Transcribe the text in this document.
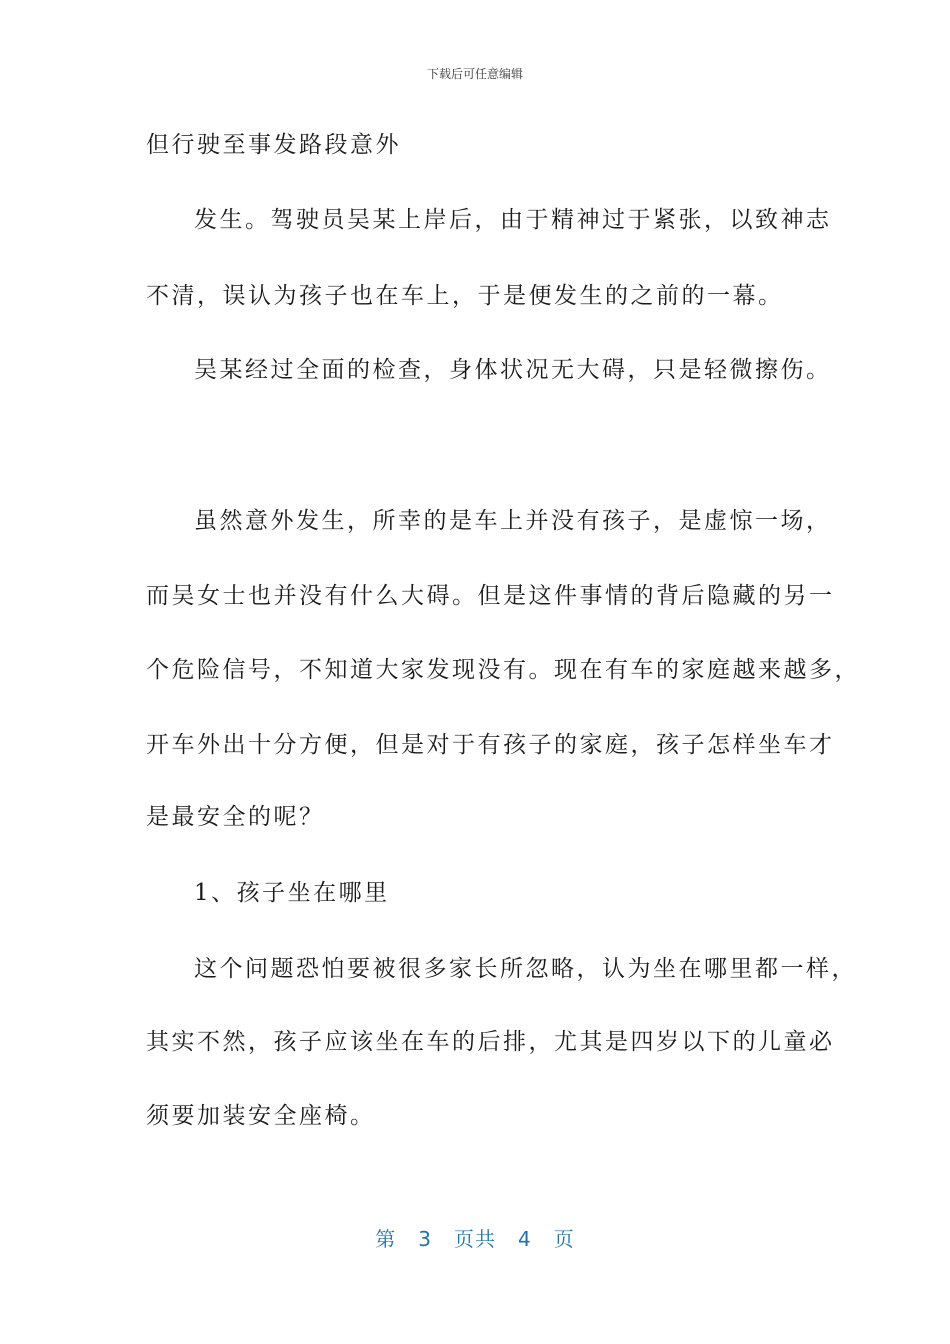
下载后可任意编辑
但行驶至事发路段意外
发生。驾驶员吴某上岸后，由于精神过于紧张，以致神志
不清，误认为孩子也在车上，于是便发生的之前的一幕。
吴某经过全面的检查，身体状况无大碍，只是轻微擦伤。
虽然意外发生，所幸的是车上并没有孩子，是虚惊一场，
而吴女士也并没有什么大碍。但是这件事情的背后隐藏的另一
个危险信号，不知道大家发现没有。现在有车的家庭越来越多，
开车外出十分方便，但是对于有孩子的家庭，孩子怎样坐车才
是最安全的呢？
1、孩子坐在哪里
这个问题恐怕要被很多家长所忽略，认为坐在哪里都一样，
其实不然，孩子应该坐在车的后排，尤其是四岁以下的儿童必
须要加装安全座椅。
第 3 页共 4 页
